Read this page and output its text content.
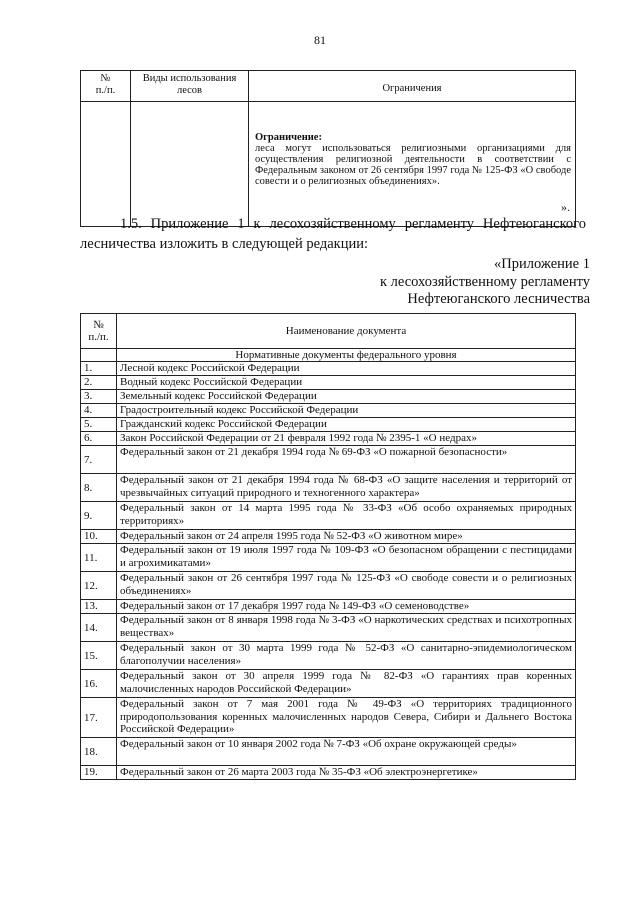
81
№
п./п.	Виды использования лесов	Ограничения

		Ограничение:
леса могут использоваться религиозными организациями для осуществления религиозной деятельности в соответствии с Федеральным законом от 26 сентября 1997 года № 125-ФЗ «О свободе совести и о религиозных объединениях».
».
1.5. Приложение 1 к лесохозяйственному регламенту Нефтеюганского лесничества изложить в следующей редакции:
«Приложение 1
к лесохозяйственному регламенту
Нефтеюганского лесничества
№
п./п.	Наименование документа
	Нормативные документы федерального уровня
1.	Лесной кодекс Российской Федерации
2.	Водный кодекс Российской Федерации
3.	Земельный кодекс Российской Федерации
4.	Градостроительный кодекс Российской Федерации
5.	Гражданский кодекс Российской Федерации
6.	Закон Российской Федерации от 21 февраля 1992 года № 2395-1 «О недрах»
7.	Федеральный закон от 21 декабря 1994 года № 69-ФЗ «О пожарной безопасности»
8.	Федеральный закон от 21 декабря 1994 года № 68-ФЗ «О защите населения и территорий от чрезвычайных ситуаций природного и техногенного характера»
9.	Федеральный закон от 14 марта 1995 года № 33-ФЗ «Об особо охраняемых природных территориях»
10.	Федеральный закон от 24 апреля 1995 года № 52-ФЗ «О животном мире»
11.	Федеральный закон от 19 июля 1997 года № 109-ФЗ «О безопасном обращении с пестицидами и агрохимикатами»
12.	Федеральный закон от 26 сентября 1997 года № 125-ФЗ «О свободе совести и о религиозных объединениях»
13.	Федеральный закон от 17 декабря 1997 года № 149-ФЗ «О семеноводстве»
14.	Федеральный закон от 8 января 1998 года № 3-ФЗ «О наркотических средствах и психотропных веществах»
15.	Федеральный закон от 30 марта 1999 года № 52-ФЗ «О санитарно-эпидемиологическом благополучии населения»
16.	Федеральный закон от 30 апреля 1999 года № 82-ФЗ «О гарантиях прав коренных малочисленных народов Российской Федерации»
17.	Федеральный закон от 7 мая 2001 года № 49-ФЗ «О территориях традиционного природопользования коренных малочисленных народов Севера, Сибири и Дальнего Востока Российской Федерации»
18.	Федеральный закон от 10 января 2002 года № 7-ФЗ «Об охране окружающей среды»
19.	Федеральный закон от 26 марта 2003 года № 35-ФЗ «Об электроэнергетике»
